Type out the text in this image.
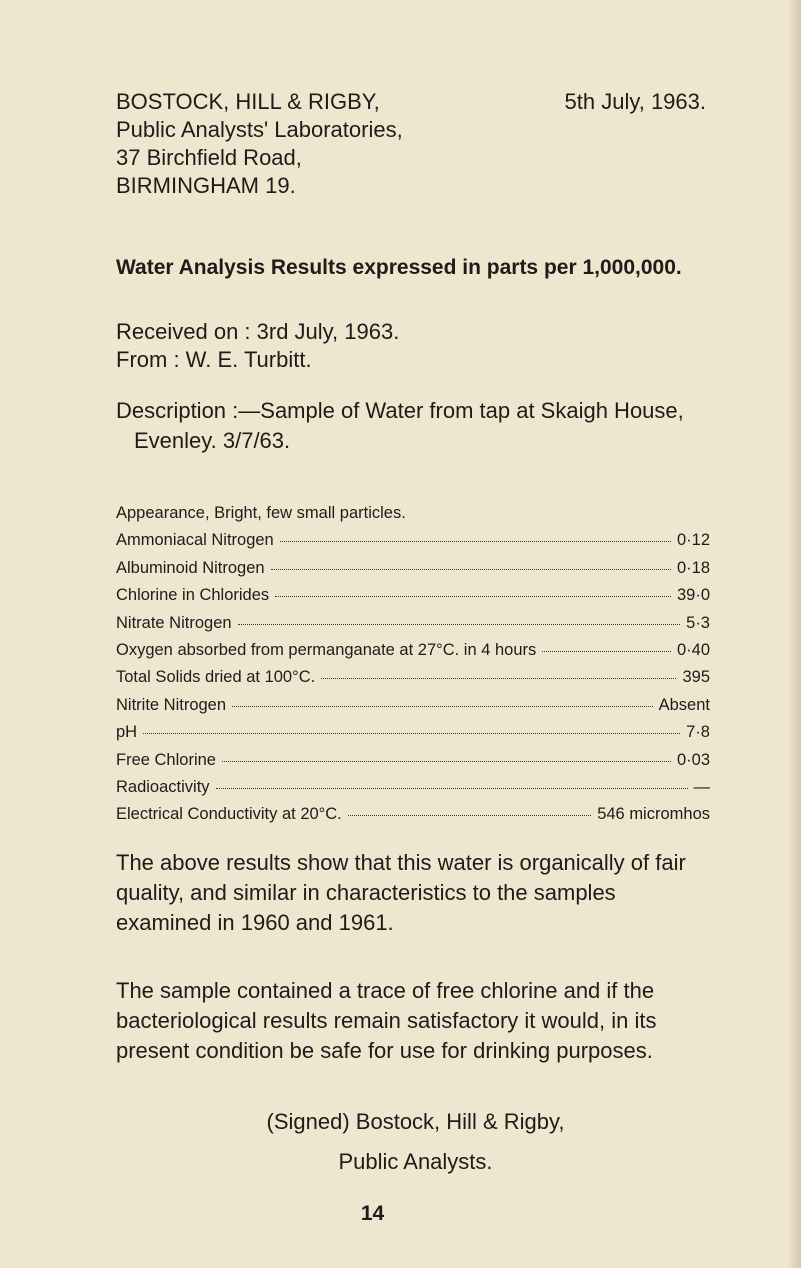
BOSTOCK, HILL & RIGBY,	5th July, 1963.
Public Analysts' Laboratories,
37 Birchfield Road,
BIRMINGHAM 19.
Water Analysis Results expressed in parts per 1,000,000.
Received on : 3rd July, 1963.
From : W. E. Turbitt.
Description :—Sample of Water from tap at Skaigh House,
Evenley. 3/7/63.
Appearance, Bright, few small particles.
Ammoniacal Nitrogen	0·12
Albuminoid Nitrogen	0·18
Chlorine in Chlorides	39·0
Nitrate Nitrogen	5·3
Oxygen absorbed from permanganate at 27°C. in 4 hours	0·40
Total Solids dried at 100°C.	395
Nitrite Nitrogen	Absent
pH	7·8
Free Chlorine	0·03
Radioactivity	—
Electrical Conductivity at 20°C.	546 micromhos
The above results show that this water is organically of fair quality, and similar in characteristics to the samples examined in 1960 and 1961.
The sample contained a trace of free chlorine and if the bacteriological results remain satisfactory it would, in its present condition be safe for use for drinking purposes.
(Signed) Bostock, Hill & Rigby,
Public Analysts.
14
